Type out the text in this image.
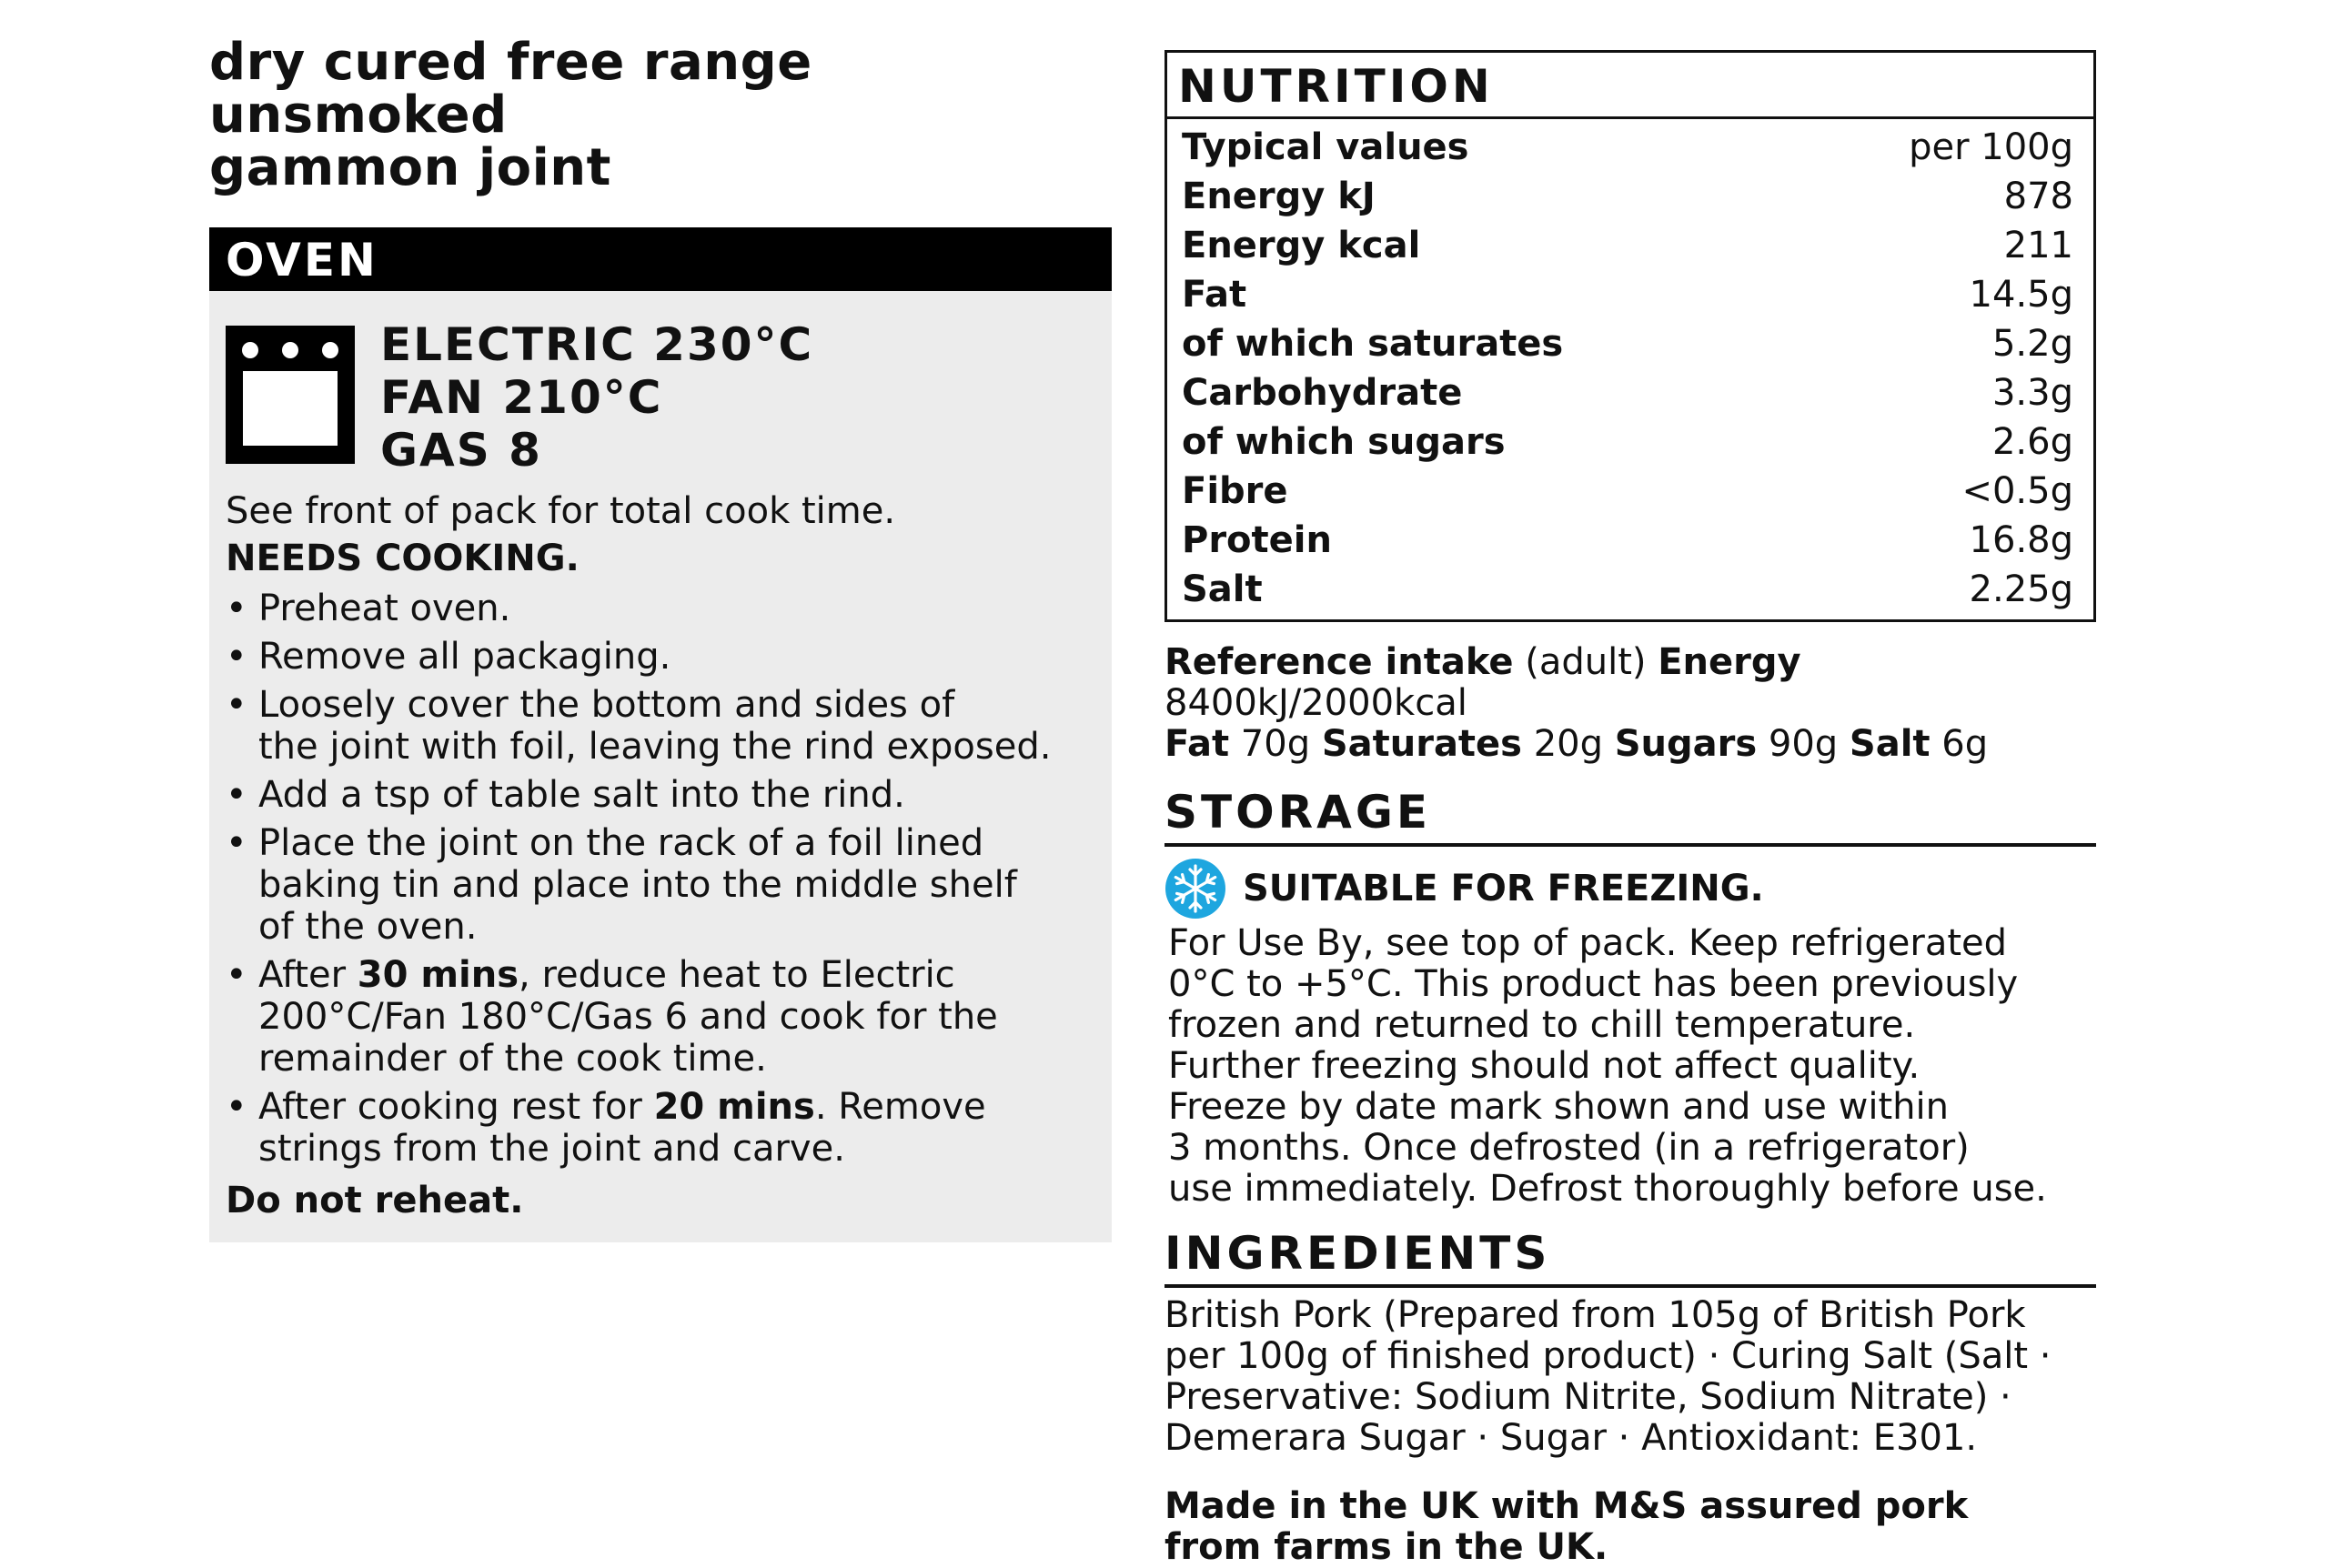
dry cured free range unsmoked
gammon joint
OVEN
ELECTRIC 230°C
FAN 210°C
GAS 8
See front of pack for total cook time.
NEEDS COOKING.
• Preheat oven.
• Remove all packaging.
• Loosely cover the bottom and sides of
the joint with foil, leaving the rind exposed.
• Add a tsp of table salt into the rind.
• Place the joint on the rack of a foil lined
baking tin and place into the middle shelf
of the oven.
• After 30 mins, reduce heat to Electric
200°C/Fan 180°C/Gas 6 and cook for the
remainder of the cook time.
• After cooking rest for 20 mins. Remove
strings from the joint and carve.
Do not reheat.
NUTRITION
Typical values	per 100g
Energy kJ	878
Energy kcal	211
Fat	14.5g
of which saturates	5.2g
Carbohydrate	3.3g
of which sugars	2.6g
Fibre	<0.5g
Protein	16.8g
Salt	2.25g
Reference intake (adult) Energy 8400kJ/2000kcal
Fat 70g Saturates 20g Sugars 90g Salt 6g
STORAGE
SUITABLE FOR FREEZING.
For Use By, see top of pack. Keep refrigerated
0°C to +5°C. This product has been previously
frozen and returned to chill temperature.
Further freezing should not affect quality.
Freeze by date mark shown and use within
3 months. Once defrosted (in a refrigerator)
use immediately. Defrost thoroughly before use.
INGREDIENTS
British Pork (Prepared from 105g of British Pork
per 100g of finished product) · Curing Salt (Salt ·
Preservative: Sodium Nitrite, Sodium Nitrate) ·
Demerara Sugar · Sugar · Antioxidant: E301.
Made in the UK with M&S assured pork
from farms in the UK.
